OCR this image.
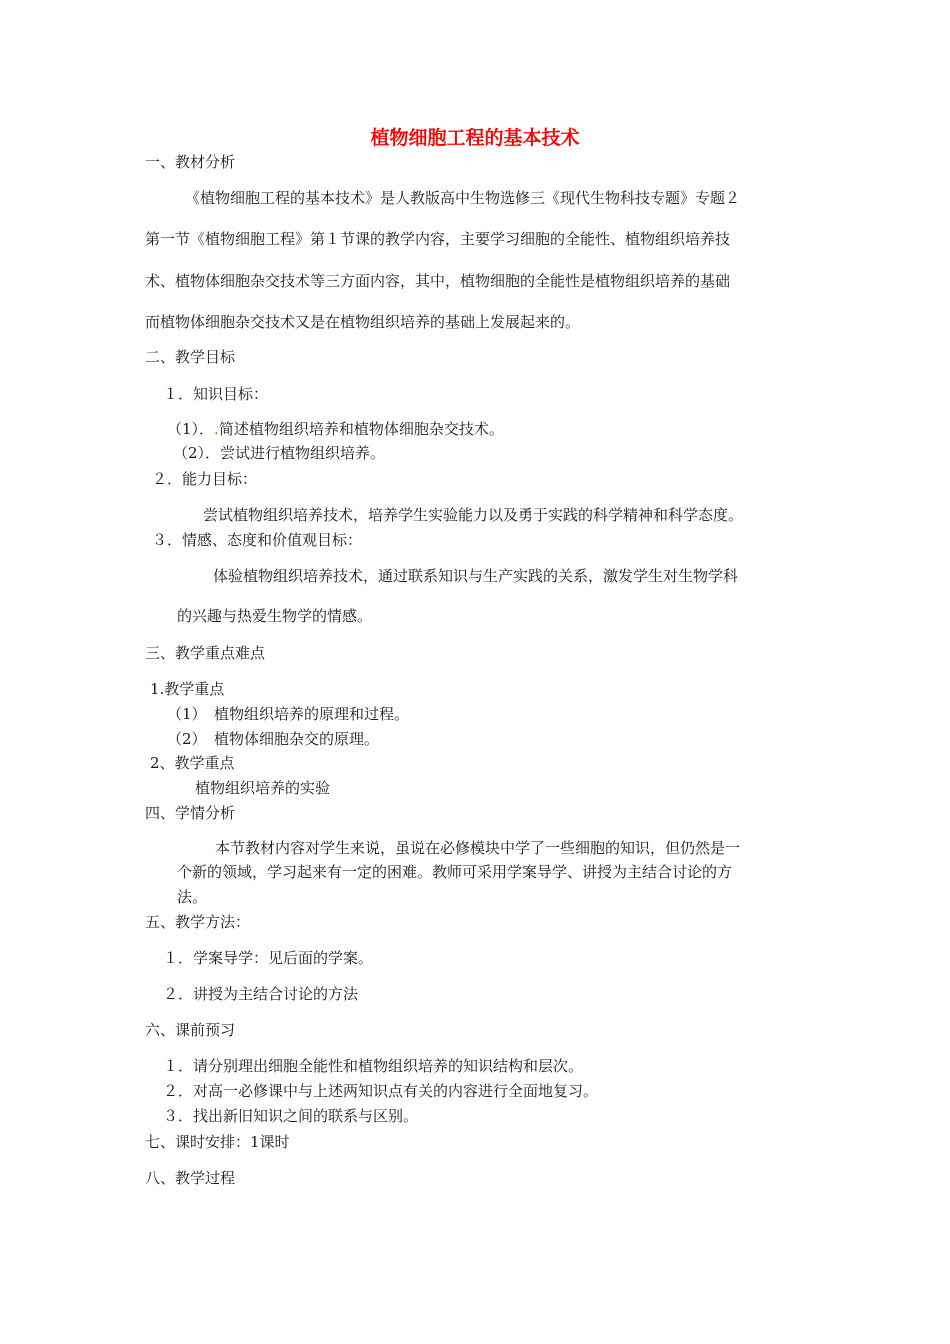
植物细胞工程的基本技术
一、教材分析
《植物细胞工程的基本技术》是人教版高中生物选修三《现代生物科技专题》专题２
第一节《植物细胞工程》第１节课的教学内容，主要学习细胞的全能性、植物组织培养技
术、植物体细胞杂交技术等三方面内容，其中，植物细胞的全能性是植物组织培养的基础
而植物体细胞杂交技术又是在植物组织培养的基础上发展起来的。
二、教学目标
１．知识目标：
（1）．.简述植物组织培养和植物体细胞杂交技术。
（2）．尝试进行植物组织培养。
２．能力目标：
尝试植物组织培养技术，培养学生实验能力以及勇于实践的科学精神和科学态度。
３．情感、态度和价值观目标：
体验植物组织培养技术，通过联系知识与生产实践的关系，激发学生对生物学科
的兴趣与热爱生物学的情感。
三、教学重点难点
1.教学重点
（1）　植物组织培养的原理和过程。
（2）　植物体细胞杂交的原理。
2、教学重点
植物组织培养的实验
四、学情分析
本节教材内容对学生来说，虽说在必修模块中学了一些细胞的知识，但仍然是一
个新的领域，学习起来有一定的困难。教师可采用学案导学、讲授为主结合讨论的方
法。
五、教学方法：
１．学案导学：见后面的学案。
２．讲授为主结合讨论的方法
六、课前预习
１．请分别理出细胞全能性和植物组织培养的知识结构和层次。
２．对高一必修课中与上述两知识点有关的内容进行全面地复习。
３．找出新旧知识之间的联系与区别。
七、课时安排：1课时
八、教学过程
